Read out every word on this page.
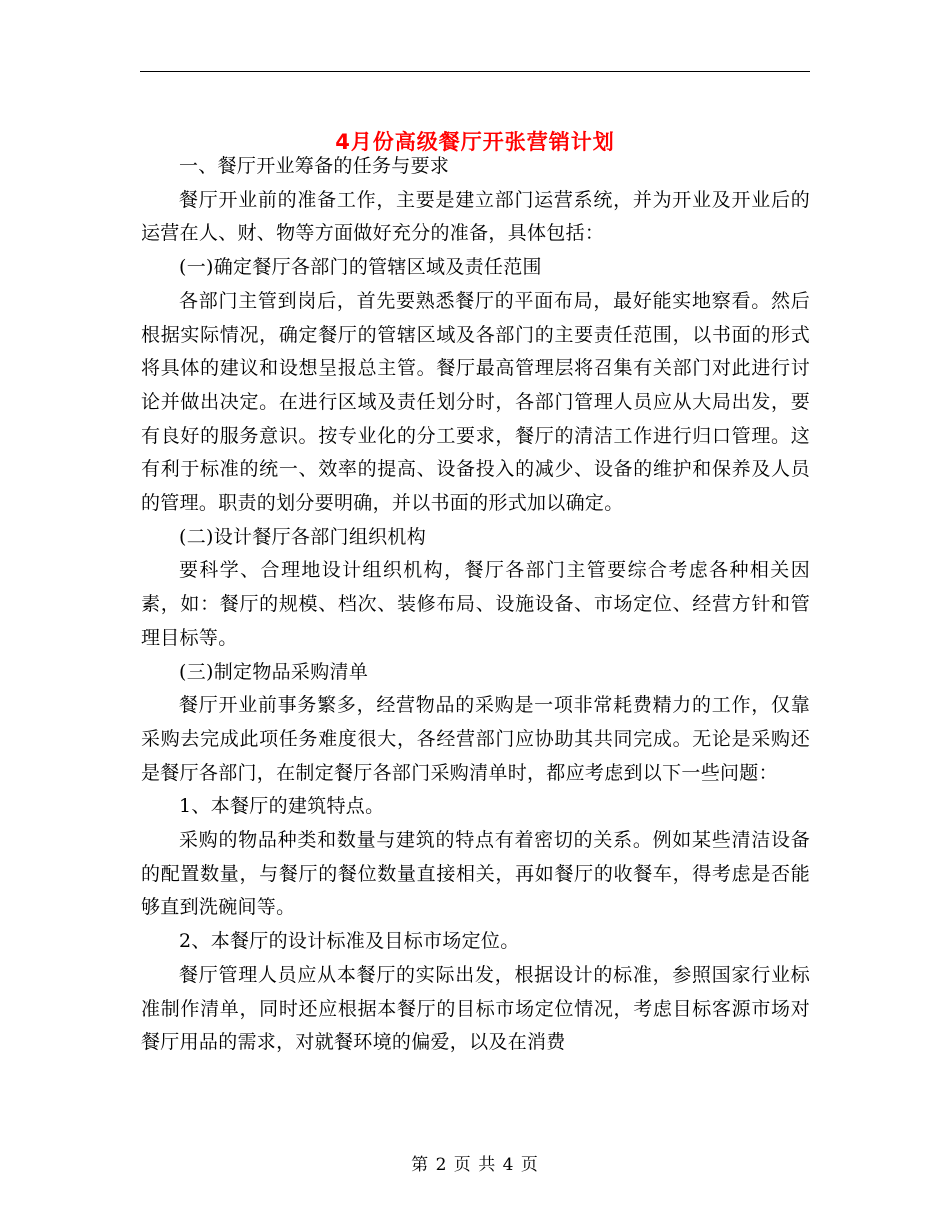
4月份高级餐厅开张营销计划

一、餐厅开业筹备的任务与要求

餐厅开业前的准备工作，主要是建立部门运营系统，并为开业及开业后的运营在人、财、物等方面做好充分的准备，具体包括：

(一)确定餐厅各部门的管辖区域及责任范围

各部门主管到岗后，首先要熟悉餐厅的平面布局，最好能实地察看。然后根据实际情况，确定餐厅的管辖区域及各部门的主要责任范围，以书面的形式将具体的建议和设想呈报总主管。餐厅最高管理层将召集有关部门对此进行讨论并做出决定。在进行区域及责任划分时，各部门管理人员应从大局出发，要有良好的服务意识。按专业化的分工要求，餐厅的清洁工作进行归口管理。这有利于标准的统一、效率的提高、设备投入的减少、设备的维护和保养及人员的管理。职责的划分要明确，并以书面的形式加以确定。

(二)设计餐厅各部门组织机构

要科学、合理地设计组织机构，餐厅各部门主管要综合考虑各种相关因素，如：餐厅的规模、档次、装修布局、设施设备、市场定位、经营方针和管理目标等。

(三)制定物品采购清单

餐厅开业前事务繁多，经营物品的采购是一项非常耗费精力的工作，仅靠采购去完成此项任务难度很大，各经营部门应协助其共同完成。无论是采购还是餐厅各部门，在制定餐厅各部门采购清单时，都应考虑到以下一些问题：

1、本餐厅的建筑特点。

采购的物品种类和数量与建筑的特点有着密切的关系。例如某些清洁设备的配置数量，与餐厅的餐位数量直接相关，再如餐厅的收餐车，得考虑是否能够直到洗碗间等。

2、本餐厅的设计标准及目标市场定位。

餐厅管理人员应从本餐厅的实际出发，根据设计的标准，参照国家行业标准制作清单，同时还应根据本餐厅的目标市场定位情况，考虑目标客源市场对餐厅用品的需求，对就餐环境的偏爱，以及在消费

第 2 页 共 4 页
